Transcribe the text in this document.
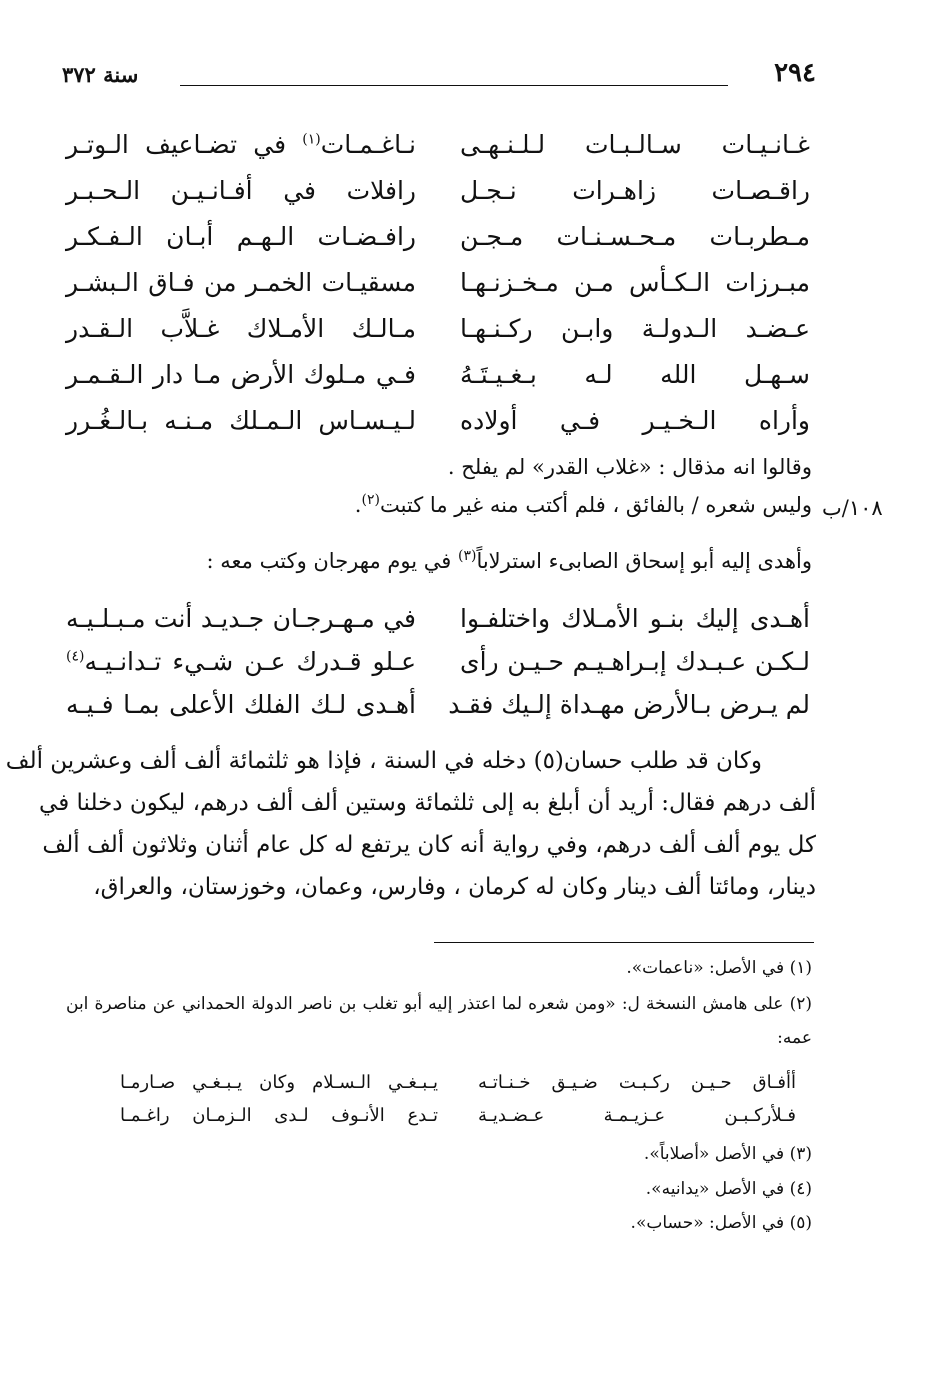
٢٩٤
سنة ٣٧٢
غـانـيـات سـالـبـات لـلـنـهـى
نـاغـمـات$^{(١)}$ في تضـاعيف الـوتـر
راقـصـات زاهـرات نـجـل
رافلات في أفـانـيـن الـحـبـر
مـطربـات مـحـسـنـات مـجـن
رافـضـات الـهـم أبـان الـفـكـر
مبـرزات الـكـأس مـن مـخـزنـهـا
مسقيـات الخمـر من فـاق الـبشـر
عـضـد الـدولـة وابـن ركـنـهـا
مـالـك الأمـلاك غـلاَّب الـقـدر
سـهـل الله لـه بـغـيـتَـهُ
فـي مـلوك الأرض مـا دار الـقـمـر
وأراه الـخـيـر فـي أولاده
لـيـسـاس الـمـلك مـنـه بـالـغُـرر
وقالوا انه مذقال : «غلاب القدر» لم يفلح .
وليس شعره / بالفائق ، فلم أكتب منه غير ما كتبت$^{(٢)}$.	١٠٨/ب
وأهدى إليه أبو إسحاق الصابىء استرلاباً$^{(٣)}$ في يوم مهرجان وكتب معه :
أهـدى إليك بنـو الأمـلاك واختلفـوا
في مـهـرجـان جـديـد أنت مـبـلـيـه
لـكـن عـبـدك إبـراهـيـم حـيـن رأى
عـلو قـدرك عـن شـيء تـدانـيـه$^{(٤)}$
لم يـرض بـالأرض مهـداة إلـيك فقـد
أهـدى لـك الفلك الأعلى بمـا فـيـه
وكان قد طلب حسان(٥) دخله في السنة ، فإذا هو ثلثمائة ألف ألف وعشرين ألف
ألف درهم فقال: أريد أن أبلغ به إلى ثلثمائة وستين ألف ألف درهم، ليكون دخلنا في
كل يوم ألف ألف درهم، وفي رواية أنه كان يرتفع له كل عام أثنان وثلاثون ألف ألف
دينار، ومائتا ألف دينار وكان له كرمان ، وفارس، وعمان، وخوزستان، والعراق،
(١) في الأصل: «ناعمات».
(٢) على هامش النسخة ل: «ومن شعره لما اعتذر إليه أبو تغلب بن ناصر الدولة الحمداني عن مناصرة ابن
عمه:
أأفـاق حـيـن ركـبـت ضـيـق خـنـاتـه
يـبـغـي الـسـلام وكان يـبـغـي صـارمـا
فـلأركـبـن عـزيـمـة عـضـديـة
تـدع الأنـوف لـدى الـزمـان راغـمـا
(٣) في الأصل «أصلاباً».
(٤) في الأصل «يدانيه».
(٥) في الأصل: «حساب».
